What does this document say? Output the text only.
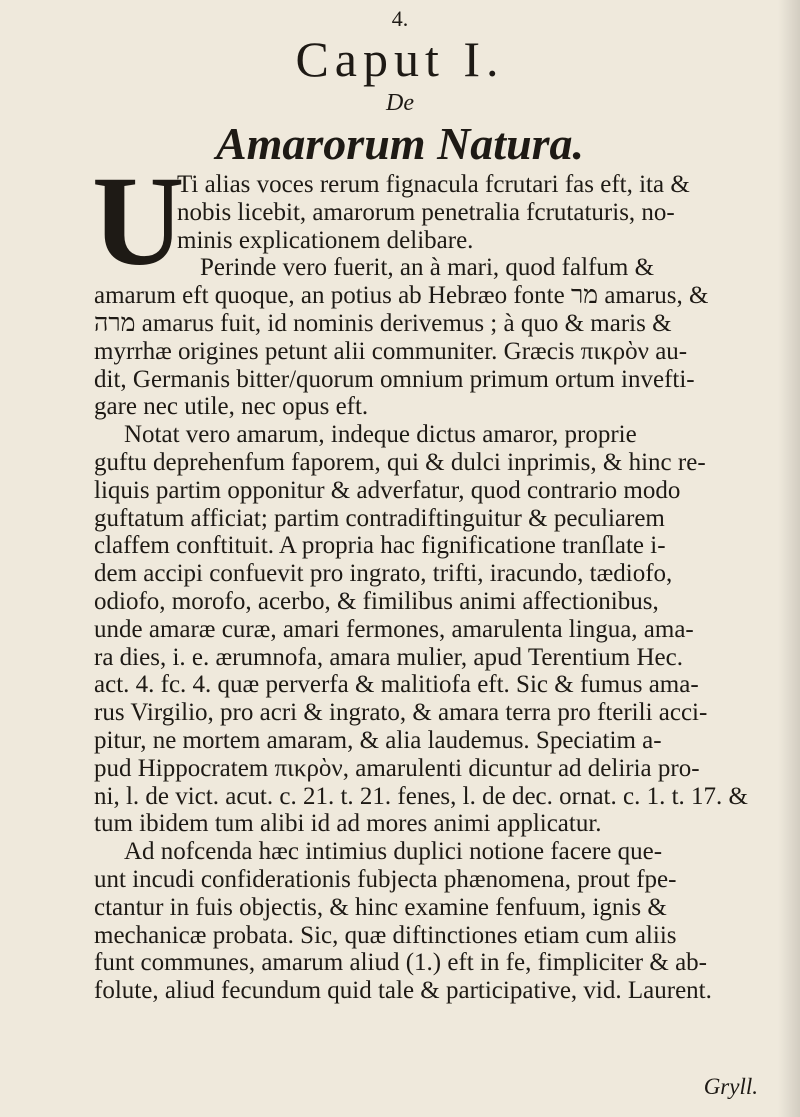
4.
Caput I.
De
Amarorum Natura.
U
Ti alias voces rerum fignacula fcrutari fas eft, ita &
nobis licebit, amarorum penetralia fcrutaturis, no-
minis explicationem delibare.
Perinde vero fuerit, an à mari, quod falfum &
amarum eft quoque, an potius ab Hebræo fonte מר amarus, &
מרה amarus fuit, id nominis derivemus ; à quo & maris &
myrrhæ origines petunt alii communiter. Græcis πικρὸν au-
dit, Germanis bitter/quorum omnium primum ortum invefti-
gare nec utile, nec opus eft.
Notat vero amarum, indeque dictus amaror, proprie
guftu deprehenfum faporem, qui & dulci inprimis, & hinc re-
liquis partim opponitur & adverfatur, quod contrario modo
guftatum afficiat; partim contradiftinguitur & peculiarem
claffem conftituit. A propria hac fignificatione tranſlate i-
dem accipi confuevit pro ingrato, trifti, iracundo, tædiofo,
odiofo, morofo, acerbo, & fimilibus animi affectionibus,
unde amaræ curæ, amari fermones, amarulenta lingua, ama-
ra dies, i. e. ærumnofa, amara mulier, apud Terentium Hec.
act. 4. fc. 4. quæ perverfa & malitiofa eft. Sic & fumus ama-
rus Virgilio, pro acri & ingrato, & amara terra pro fterili acci-
pitur, ne mortem amaram, & alia laudemus. Speciatim a-
pud Hippocratem πικρὸν, amarulenti dicuntur ad deliria pro-
ni, l. de vict. acut. c. 21. t. 21. fenes, l. de dec. ornat. c. 1. t. 17. &
tum ibidem tum alibi id ad mores animi applicatur.
Ad nofcenda hæc intimius duplici notione facere que-
unt incudi confiderationis fubjecta phænomena, prout fpe-
ctantur in fuis objectis, & hinc examine fenfuum, ignis &
mechanicæ probata. Sic, quæ diftinctiones etiam cum aliis
funt communes, amarum aliud (1.) eft in fe, fimpliciter & ab-
folute, aliud fecundum quid tale & participative, vid. Laurent.
Gryll.
